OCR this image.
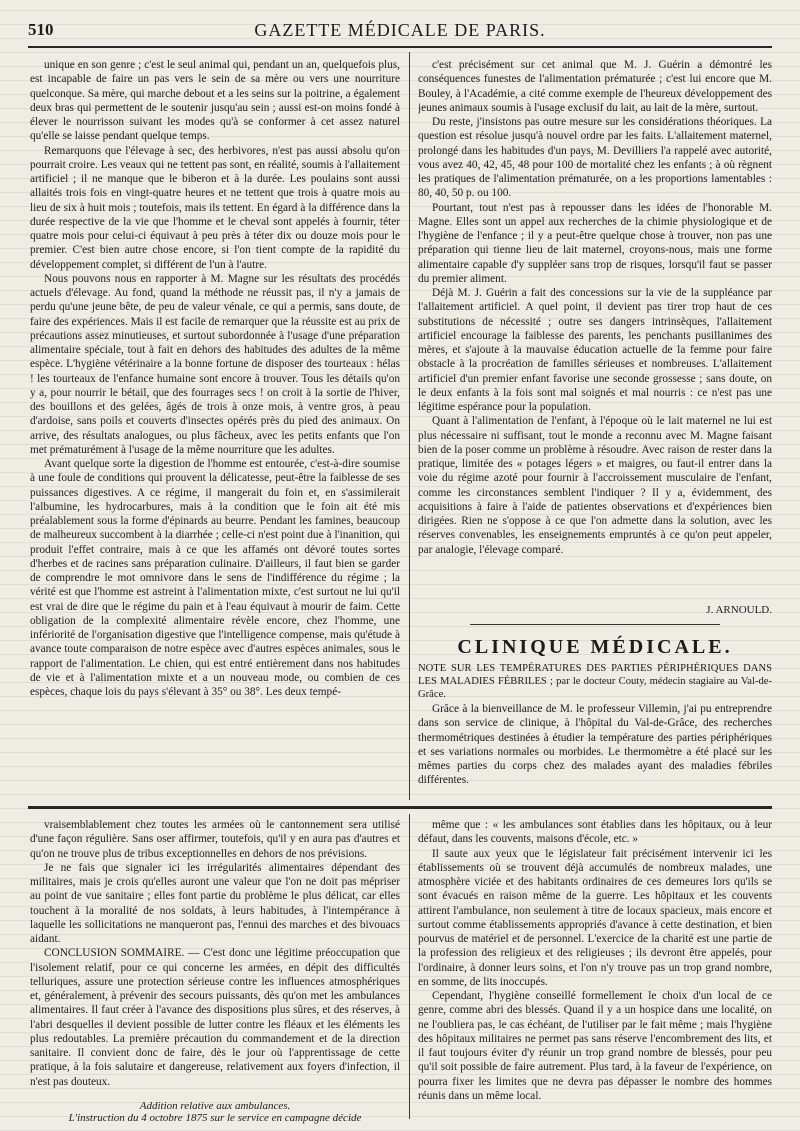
510	GAZETTE MÉDICALE DE PARIS.

unique en son genre ; c'est le seul animal qui, pendant un an, quelquefois plus, est incapable de faire un pas vers le sein de sa mère ou vers une nourriture quelconque. Sa mère, qui marche debout et a les seins sur la poitrine, a également deux bras qui permettent de le soutenir jusqu'au sein ; aussi est-on moins fondé à élever le nourrisson suivant les modes qu'à se conformer à cet assez naturel qu'elle se laisse pendant quelque temps.

Remarquons que l'élevage à sec, des herbivores, n'est pas aussi absolu qu'on pourrait croire. Les veaux qui ne tettent pas sont, en réalité, soumis à l'allaitement artificiel ; il ne manque que le biberon et à la durée. Les poulains sont aussi allaités trois fois en vingt-quatre heures et ne tettent que trois à quatre mois au lieu de six à huit mois ; toutefois, mais ils tettent. En égard à la différence dans la durée respective de la vie que l'homme et le cheval sont appelés à fournir, téter quatre mois pour celui-ci équivaut à peu près à téter dix ou douze mois pour le premier. C'est bien autre chose encore, si l'on tient compte de la rapidité du développement complet, si différent de l'un à l'autre.

Nous pouvons nous en rapporter à M. Magne sur les résultats des procédés actuels d'élevage. Au fond, quand la méthode ne réussit pas, il n'y a jamais de perdu qu'une jeune bête, de peu de valeur vénale, ce qui a permis, sans doute, de faire des expériences. Mais il est facile de remarquer que la réussite est au prix de précautions assez minutieuses, et surtout subordonnée à l'usage d'une préparation alimentaire spéciale, tout à fait en dehors des habitudes des adultes de la même espèce. L'hygiène vétérinaire a la bonne fortune de disposer des tourteaux : hélas ! les tourteaux de l'enfance humaine sont encore à trouver. Tous les détails qu'on y a, pour nourrir le bétail, que des fourrages secs ! on croit à la sortie de l'hiver, des bouillons et des gelées, âgés de trois à onze mois, à ventre gros, à peau d'ardoise, sans poils et couverts d'insectes opérés près du pied des animaux. On arrive, des résultats analogues, ou plus fâcheux, avec les petits enfants que l'on met prématurément à l'usage de la même nourriture que les adultes.

Avant quelque sorte la digestion de l'homme est entourée, c'est-à-dire soumise à une foule de conditions qui prouvent la délicatesse, peut-être la faiblesse de ses puissances digestives. A ce régime, il mangerait du foin et, en s'assimilerait l'albumine, les hydrocarbures, mais à la condition que le foin ait été mis préalablement sous la forme d'épinards au beurre. Pendant les famines, beaucoup de malheureux succombent à la diarrhée ; celle-ci n'est point due à l'inanition, qui produit l'effet contraire, mais à ce que les affamés ont dévoré toutes sortes d'herbes et de racines sans préparation culinaire. D'ailleurs, il faut bien se garder de comprendre le mot omnivore dans le sens de l'indifférence du régime ; la vérité est que l'homme est astreint à l'alimentation mixte, c'est surtout ne lui qu'il est vrai de dire que le régime du pain et à l'eau équivaut à mourir de faim. Cette obligation de la complexité alimentaire révèle encore, chez l'homme, une infériorité de l'organisation digestive que l'intelligence compense, mais qu'étude à avance toute comparaison de notre espèce avec d'autres espèces animales, sous le rapport de l'alimentation. Le chien, qui est entré entièrement dans nos habitudes de vie et à l'alimentation mixte et a un nouveau mode, ou combien de ces espèces, chaque lois du pays s'élevant à 35° ou 38°. Les deux tempé-

c'est précisément sur cet animal que M. J. Guérin a démontré les conséquences funestes de l'alimentation prématurée ; c'est lui encore que M. Bouley, à l'Académie, a cité comme exemple de l'heureux développement des jeunes animaux soumis à l'usage exclusif du lait, au lait de la mère, surtout.

Du reste, j'insistons pas outre mesure sur les considérations théoriques. La question est résolue jusqu'à nouvel ordre par les faits. L'allaitement maternel, prolongé dans les habitudes d'un pays, M. Devilliers l'a rappelé avec autorité, vous avez 40, 42, 45, 48 pour 100 de mortalité chez les enfants ; à où règnent les pratiques de l'alimentation prématurée, on a les proportions lamentables : 80, 40, 50 p. ou 100.

Pourtant, tout n'est pas à repousser dans les idées de l'honorable M. Magne. Elles sont un appel aux recherches de la chimie physiologique et de l'hygiène de l'enfance ; il y a peut-être quelque chose à trouver, non pas une préparation qui tienne lieu de lait maternel, croyons-nous, mais une forme alimentaire capable d'y suppléer sans trop de risques, lorsqu'il faut se passer du premier aliment.

Déjà M. J. Guérin a fait des concessions sur la vie de la suppléance par l'allaitement artificiel. A quel point, il devient pas tirer trop haut de ces substitutions de nécessité ; outre ses dangers intrinsèques, l'allaitement artificiel encourage la faiblesse des parents, les penchants pusillanimes des mères, et s'ajoute à la mauvaise éducation actuelle de la femme pour faire obstacle à la procréation de familles sérieuses et nombreuses. L'allaitement artificiel d'un premier enfant favorise une seconde grossesse ; sans doute, on le deux enfants à la fois sont mal soignés et mal nourris : ce n'est pas une légitime espérance pour la population.

Quant à l'alimentation de l'enfant, à l'époque où le lait maternel ne lui est plus nécessaire ni suffisant, tout le monde a reconnu avec M. Magne faisant bien de la poser comme un problème à résoudre. Avec raison de rester dans la pratique, limitée des « potages légers » et maigres, ou faut-il entrer dans la voie du régime azoté pour fournir à l'accroissement musculaire de l'enfant, comme les circonstances semblent l'indiquer ? Il y a, évidemment, des acquisitions à faire à l'aide de patientes observations et d'expériences bien dirigées. Rien ne s'oppose à ce que l'on admette dans la solution, avec les réserves convenables, les enseignements empruntés à ce qu'on peut appeler, par analogie, l'élevage comparé.

J. ARNOULD.
CLINIQUE MÉDICALE.
NOTE SUR LES TEMPÉRATURES DES PARTIES PÉRIPHÉRIQUES DANS LES MALADIES FÉBRILES ; par le docteur Couty, médecin stagiaire au Val-de-Grâce.

Grâce à la bienveillance de M. le professeur Villemin, j'ai pu entreprendre dans son service de clinique, à l'hôpital du Val-de-Grâce, des recherches thermométriques destinées à étudier la température des parties périphériques et ses variations normales ou morbides. Le thermomètre a été placé sur les mêmes parties du corps chez des malades ayant des maladies fébriles différentes.

vraisemblablement chez toutes les armées où le cantonnement sera utilisé d'une façon régulière. Sans oser affirmer, toutefois, qu'il y en aura pas d'autres et qu'on ne trouve plus de tribus exceptionnelles en dehors de nos prévisions.

Je ne fais que signaler ici les irrégularités alimentaires dépendant des militaires, mais je crois qu'elles auront une valeur que l'on ne doit pas mépriser au point de vue sanitaire ; elles font partie du problème le plus délicat, car elles touchent à la moralité de nos soldats, à leurs habitudes, à l'intempérance à laquelle les sollicitations ne manqueront pas, l'ennui des marches et des bivouacs aidant.

CONCLUSION SOMMAIRE. — C'est donc une légitime préoccupation que l'isolement relatif, pour ce qui concerne les armées, en dépit des difficultés telluriques, assure une protection sérieuse contre les influences atmosphériques et, généralement, à prévenir des secours puissants, dès qu'on met les ambulances alimentaires. Il faut créer à l'avance des dispositions plus sûres, et des réserves, à l'abri desquelles il devient possible de lutter contre les fléaux et les éléments les plus redoutables. La première précaution du commandement et de la direction sanitaire. Il convient donc de faire, dès le jour où l'apprentissage de cette pratique, à la fois salutaire et dangereuse, relativement aux foyers d'infection, il n'est pas douteux.

même que : « les ambulances sont établies dans les hôpitaux, ou à leur défaut, dans les couvents, maisons d'école, etc. »

Il saute aux yeux que le législateur fait précisément intervenir ici les établissements où se trouvent déjà accumulés de nombreux malades, une atmosphère viciée et des habitants ordinaires de ces demeures lors qu'ils se sont évacués en raison même de la guerre. Les hôpitaux et les couvents attirent l'ambulance, non seulement à titre de locaux spacieux, mais encore et surtout comme établissements appropriés d'avance à cette destination, et bien pourvus de matériel et de personnel. L'exercice de la charité est une partie de la profession des religieux et des religieuses ; ils devront être appelés, pour l'ordinaire, à donner leurs soins, et l'on n'y trouve pas un trop grand nombre, en somme, de lits inoccupés.

Cependant, l'hygiène conseillé formellement le choix d'un local de ce genre, comme abri des blessés. Quand il y a un hospice dans une localité, on ne l'oubliera pas, le cas échéant, de l'utiliser par le fait même ; mais l'hygiène des hôpitaux militaires ne permet pas sans réserve l'encombrement des lits, et il faut toujours éviter d'y réunir un trop grand nombre de blessés, pour peu qu'il soit possible de faire autrement. Plus tard, à la faveur de l'expérience, on pourra fixer les limites que ne devra pas dépasser le nombre des hommes réunis dans un même local.

Addition relative aux ambulances.
L'instruction du 4 octobre 1875 sur le service en campagne décide
